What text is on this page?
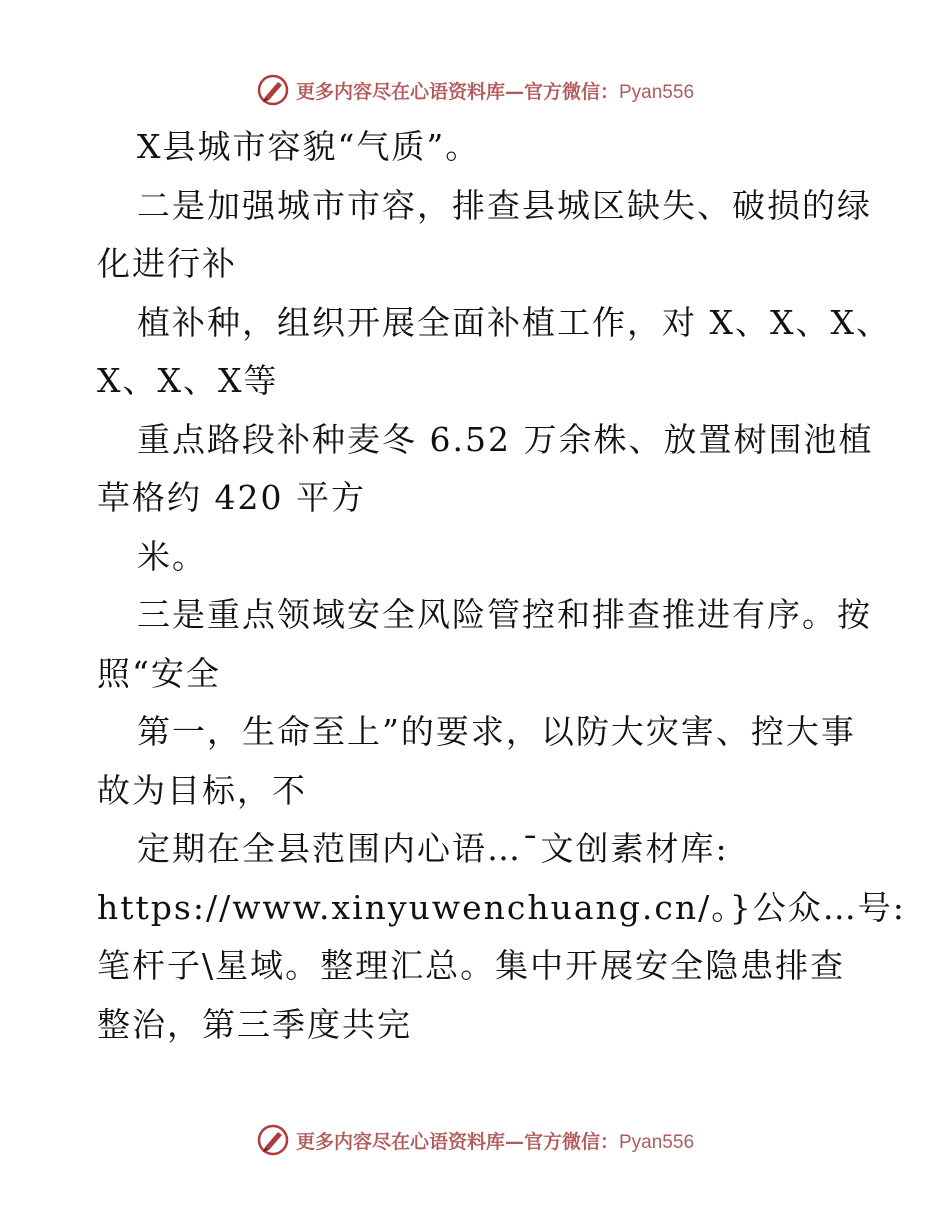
更多内容尽在心语资料库—官方微信：Pyan556
X县城市容貌“气质”。
二是加强城市市容，排查县城区缺失、破损的绿
化进行补
植补种，组织开展全面补植工作，对 X、X、X、
X、X、X等
重点路段补种麦冬 6.52 万余株、放置树围池植
草格约 420 平方
米。
三是重点领域安全风险管控和排查推进有序。按
照“安全
第一，生命至上”的要求，以防大灾害、控大事
故为目标，不
定期在全县范围内心语…¯文创素材库:
https://www.xinyuwenchuang.cn/。}公众…号:
笔杆子\星域。整理汇总。集中开展安全隐患排查
整治，第三季度共完
更多内容尽在心语资料库—官方微信：Pyan556
